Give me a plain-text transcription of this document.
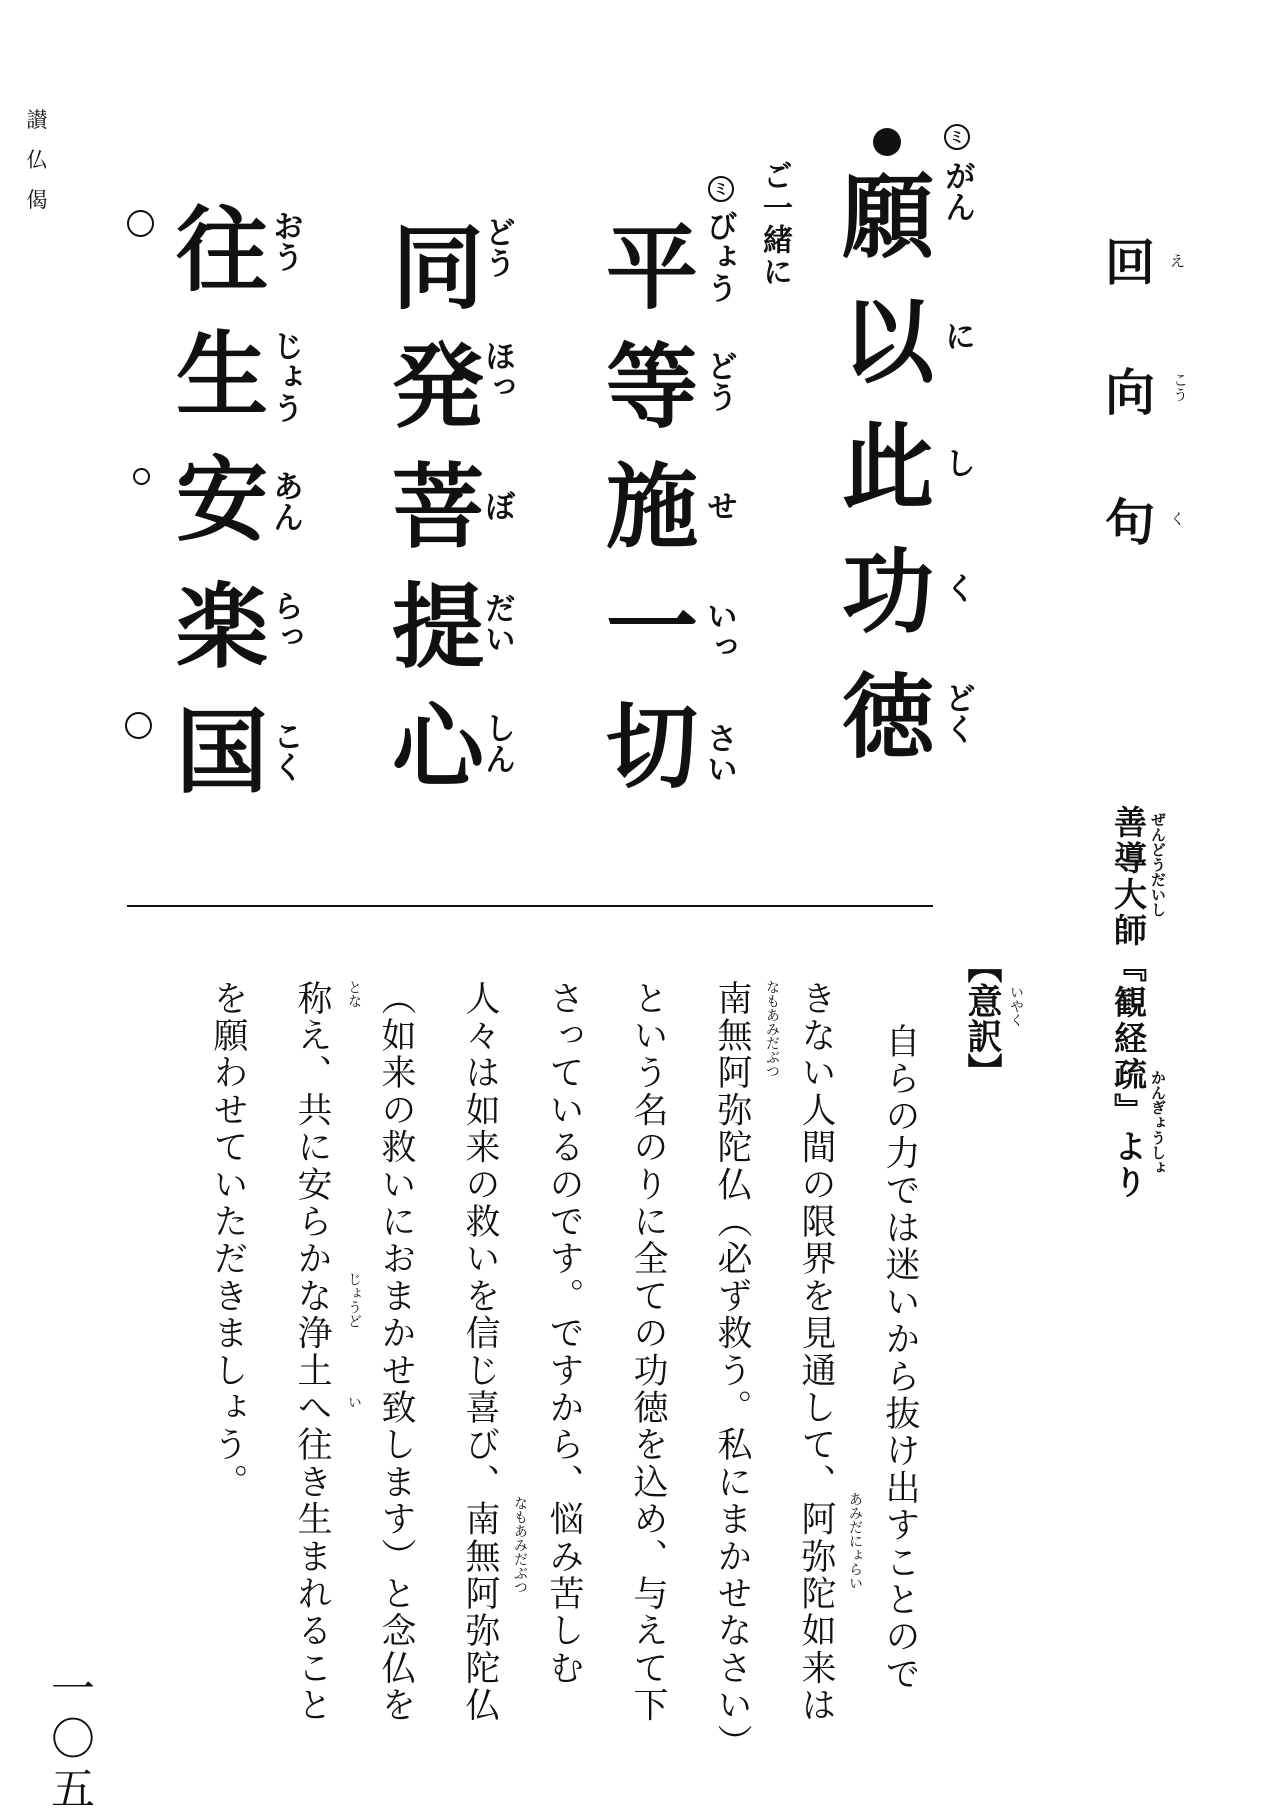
讃
仏
偈
回
向
句
え
こう
く
ミ
ミ ご一緒に 願
以
此
功
徳
がん
に
し
く
どく
平
等
施
一
切
びょう
どう
せ
いっ
さい
同
発
菩
提
心
どう
ほっ
ぼ
だい
しん
往
生
安
楽
国
おう
じょう
あん
らっ
こく
善導大師『観経疏』より ぜんどうだいし
かんぎょうしょ
【意訳】 いやく
　自らの力では迷いから抜け出すことので
きない人間の限界を見通して、阿弥陀如来は
南無阿弥陀仏（必ず救う。私にまかせなさい）
という名のりに全ての功徳を込め、与えて下
さっているのです。ですから、悩み苦しむ
人々は如来の救いを信じ喜び、南無阿弥陀仏
（如来の救いにおまかせ致します）と念仏を
称え、共に安らかな浄土へ往き生まれること
を願わせていただきましょう。
あみだにょらい
なもあみだぶつ
なもあみだぶつ
とな
じょうど
い
一
〇
五
